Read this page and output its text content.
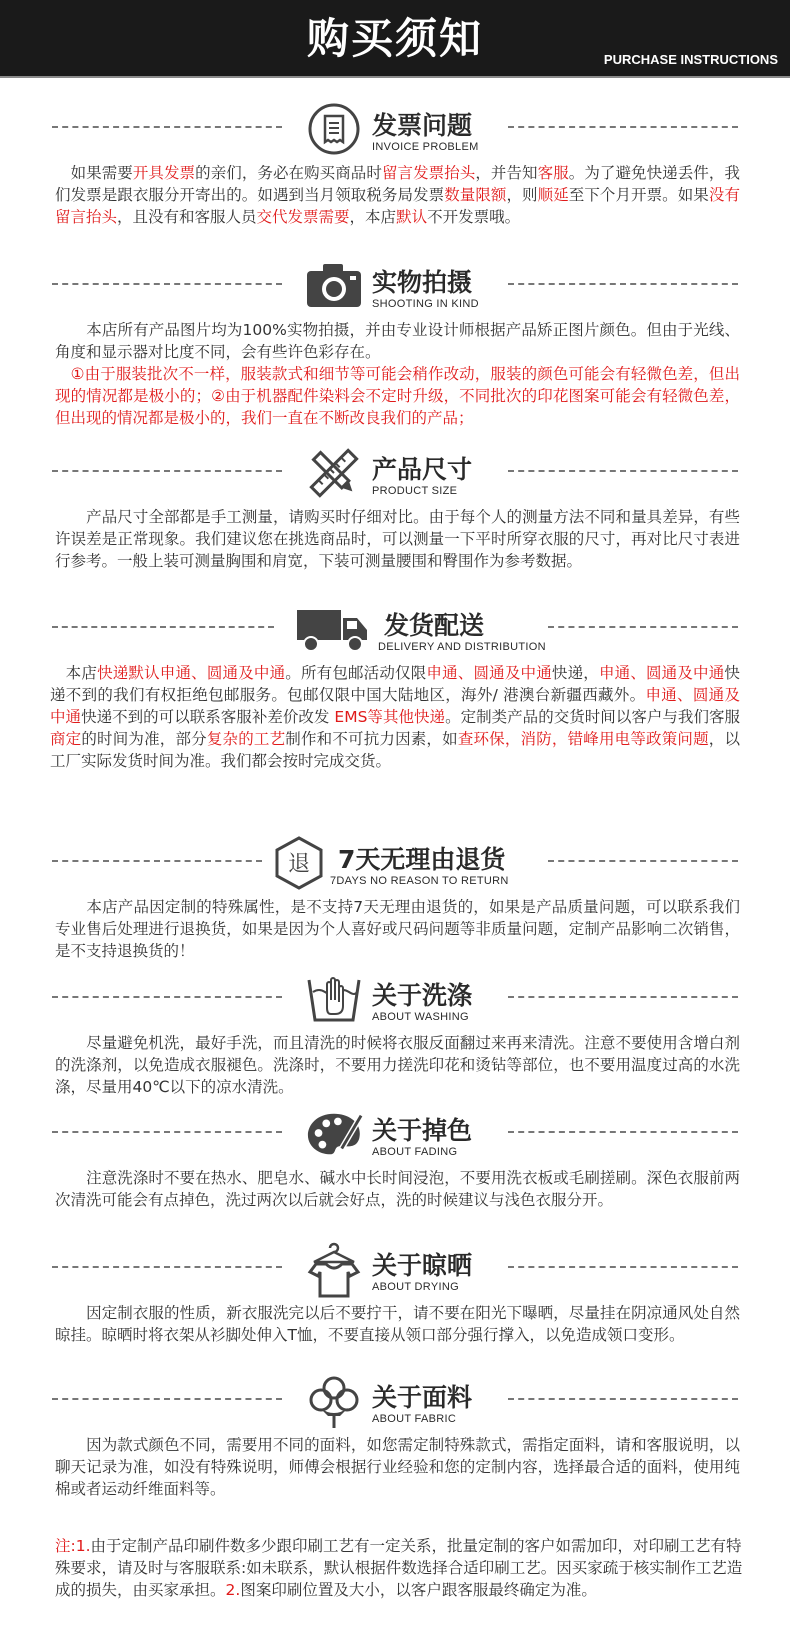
购买须知	PURCHASE INSTRUCTIONS
发票问题
INVOICE PROBLEM
　如果需要开具发票的亲们，务必在购买商品时留言发票抬头，并告知客服。为了避免快递丢件，我们发票是跟衣服分开寄出的。如遇到当月领取税务局发票数量限额，则顺延至下个月开票。如果没有留言抬头，且没有和客服人员交代发票需要，本店默认不开发票哦。
实物拍摄
SHOOTING IN KIND
　　本店所有产品图片均为100%实物拍摄，并由专业设计师根据产品矫正图片颜色。但由于光线、角度和显示器对比度不同，会有些许色彩存在。
　①由于服装批次不一样，服装款式和细节等可能会稍作改动，服装的颜色可能会有轻微色差，但出现的情况都是极小的；②由于机器配件染料会不定时升级，不同批次的印花图案可能会有轻微色差，但出现的情况都是极小的，我们一直在不断改良我们的产品；
产品尺寸
PRODUCT SIZE
　　产品尺寸全部都是手工测量，请购买时仔细对比。由于每个人的测量方法不同和量具差异，有些许误差是正常现象。我们建议您在挑选商品时，可以测量一下平时所穿衣服的尺寸，再对比尺寸表进行参考。一般上装可测量胸围和肩宽，下装可测量腰围和臀围作为参考数据。
发货配送
DELIVERY AND DISTRIBUTION
　本店快递默认申通、圆通及中通。所有包邮活动仅限申通、圆通及中通快递，申通、圆通及中通快递不到的我们有权拒绝包邮服务。包邮仅限中国大陆地区，海外/ 港澳台新疆西藏外。申通、圆通及中通快递不到的可以联系客服补差价改发 EMS等其他快递。定制类产品的交货时间以客户与我们客服商定的时间为准，部分复杂的工艺制作和不可抗力因素，如查环保，消防，错峰用电等政策问题，以工厂实际发货时间为准。我们都会按时完成交货。
退 7天无理由退货
7DAYS NO REASON TO RETURN
　　本店产品因定制的特殊属性，是不支持7天无理由退货的，如果是产品质量问题，可以联系我们专业售后处理进行退换货，如果是因为个人喜好或尺码问题等非质量问题，定制产品影响二次销售，是不支持退换货的！
关于洗涤
ABOUT WASHING
　　尽量避免机洗，最好手洗，而且清洗的时候将衣服反面翻过来再来清洗。注意不要使用含增白剂的洗涤剂，以免造成衣服褪色。洗涤时，不要用力搓洗印花和烫钻等部位，也不要用温度过高的水洗涤，尽量用40℃以下的凉水清洗。
关于掉色
ABOUT FADING
　　注意洗涤时不要在热水、肥皂水、碱水中长时间浸泡，不要用洗衣板或毛刷搓刷。深色衣服前两次清洗可能会有点掉色，洗过两次以后就会好点，洗的时候建议与浅色衣服分开。
关于晾晒
ABOUT DRYING
　　因定制衣服的性质，新衣服洗完以后不要拧干，请不要在阳光下曝晒，尽量挂在阴凉通风处自然晾挂。晾晒时将衣架从衫脚处伸入T恤，不要直接从领口部分强行撑入，以免造成领口变形。
关于面料
ABOUT FABRIC
　　因为款式颜色不同，需要用不同的面料，如您需定制特殊款式，需指定面料，请和客服说明，以聊天记录为准，如没有特殊说明，师傅会根据行业经验和您的定制内容，选择最合适的面料，使用纯棉或者运动纤维面料等。
注:1.由于定制产品印刷件数多少跟印刷工艺有一定关系，批量定制的客户如需加印，对印刷工艺有特殊要求，请及时与客服联系:如未联系，默认根据件数选择合适印刷工艺。因买家疏于核实制作工艺造成的损失，由买家承担。2.图案印刷位置及大小，以客户跟客服最终确定为准。
